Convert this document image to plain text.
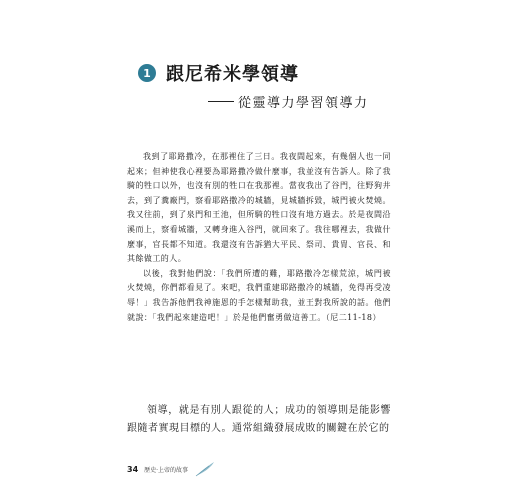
1 跟尼希米學領導
從靈導力學習領導力

我到了耶路撒冷，在那裡住了三日。我夜間起來，有幾個人也一同起來；但神使我心裡要為耶路撒冷做什麼事，我並沒有告訴人。除了我騎的牲口以外，也沒有別的牲口在我那裡。當夜我出了谷門，往野狗井去，到了糞廠門，察看耶路撒冷的城牆，見城牆拆毀，城門被火焚燒。我又往前，到了泉門和王池，但所騎的牲口沒有地方過去。於是夜間沿溪而上，察看城牆，又轉身進入谷門，就回來了。我往哪裡去，我做什麼事，官長都不知道。我還沒有告訴猶大平民、祭司、貴胄、官長、和其餘做工的人。

以後，我對他們說：「我們所遭的難，耶路撒冷怎樣荒涼，城門被火焚燒，你們都看見了。來吧，我們重建耶路撒冷的城牆，免得再受凌辱！」我告訴他們我神施恩的手怎樣幫助我，並王對我所說的話。他們就說：「我們起來建造吧！」於是他們奮勇做這善工。（尼二11-18）

領導，就是有別人跟從的人；成功的領導則是能影響跟隨者實現目標的人。通常組織發展成敗的關鍵在於它的

34 歷史‧上帝的故事
